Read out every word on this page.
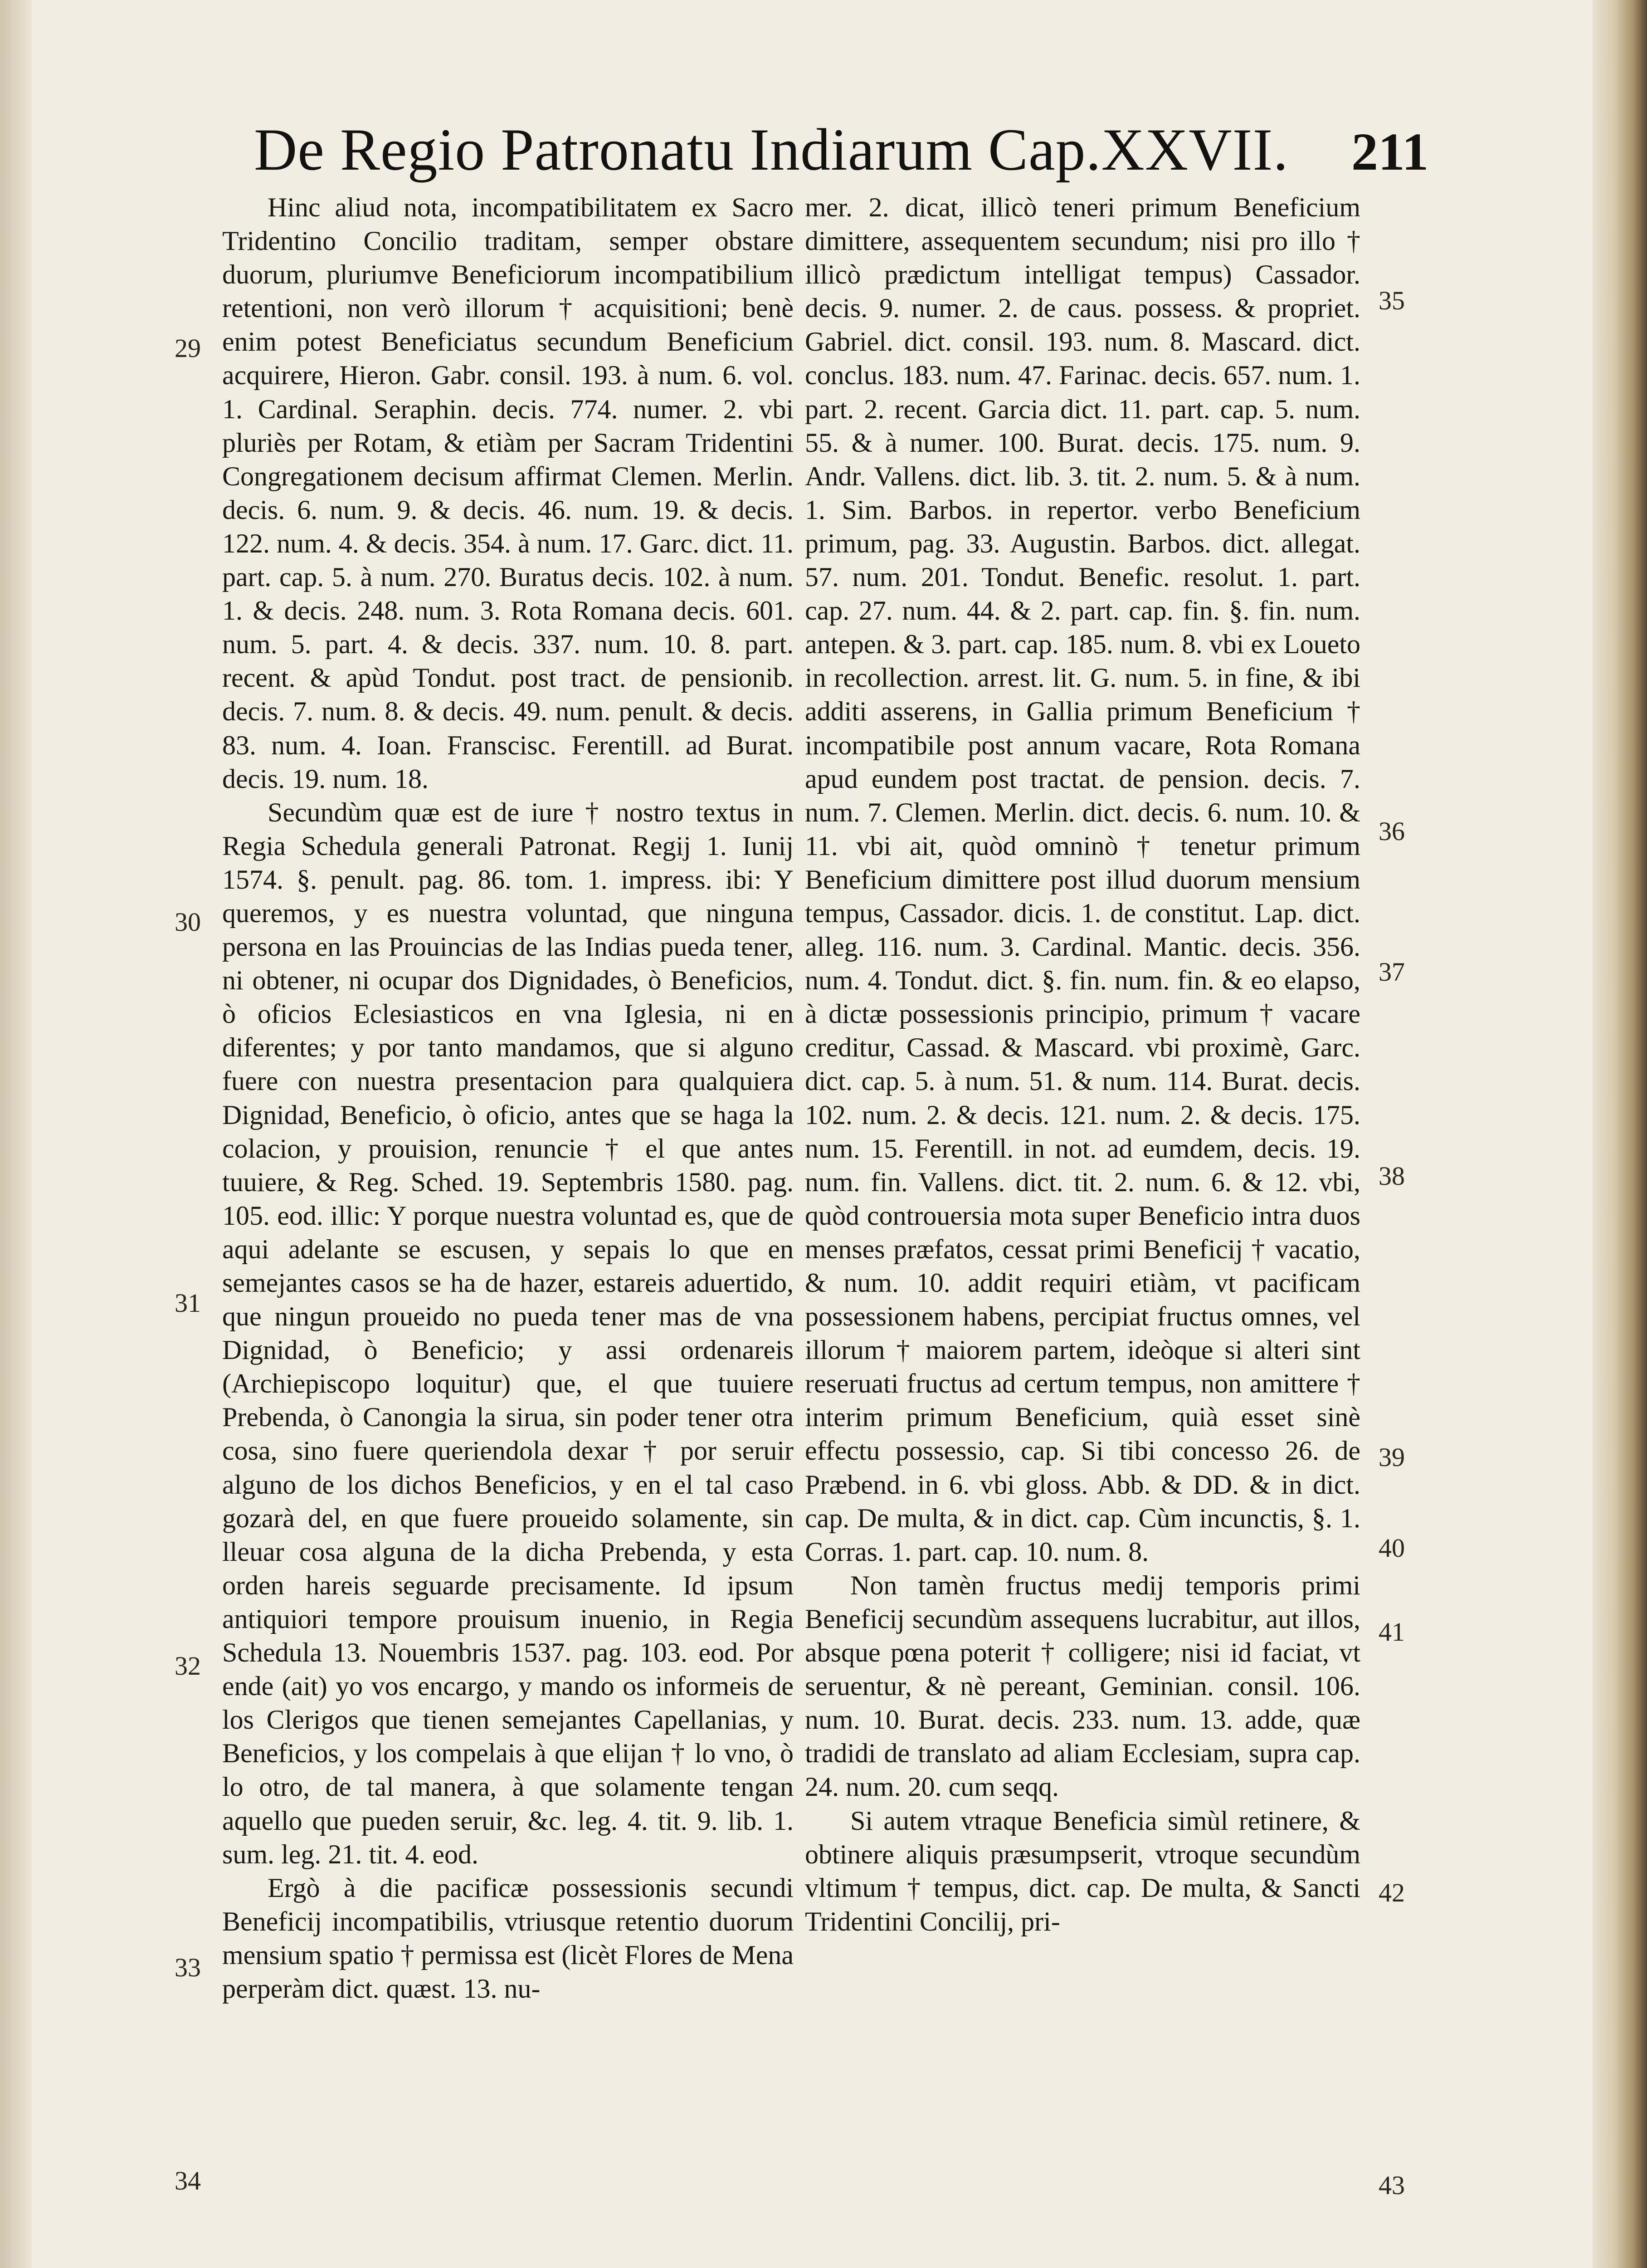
De Regio Patronatu Indiarum Cap.XXVII. 211

Hinc aliud nota, incompatibilitatem ex Sacro Tridentino Concilio traditam, semper obstare duorum, pluriumve Beneficiorum incompatibilium retentioni, non verò illorum † acquisitioni; benè enim potest Beneficiatus secundum Beneficium acquirere, Hieron. Gabr. consil. 193. à num. 6. vol. 1. Cardinal. Seraphin. decis. 774. numer. 2. vbi pluriès per Rotam, & etiàm per Sacram Tridentini Congregationem decisum affirmat Clemen. Merlin. decis. 6. num. 9. & decis. 46. num. 19. & decis. 122. num. 4. & decis. 354. à num. 17. Garc. dict. 11. part. cap. 5. à num. 270. Buratus decis. 102. à num. 1. & decis. 248. num. 3. Rota Romana decis. 601. num. 5. part. 4. & decis. 337. num. 10. 8. part. recent. & apùd Tondut. post tract. de pensionib. decis. 7. num. 8. & decis. 49. num. penult. & decis. 83. num. 4. Ioan. Franscisc. Ferentill. ad Burat. decis. 19. num. 18.

Secundùm quæ est de iure † nostro textus in Regia Schedula generali Patronat. Regij 1. Iunij 1574. §. penult. pag. 86. tom. 1. impress. ibi: Y queremos, y es nuestra voluntad, que ninguna persona en las Prouincias de las Indias pueda tener, ni obtener, ni ocupar dos Dignidades, ò Beneficios, ò oficios Eclesiasticos en vna Iglesia, ni en diferentes; y por tanto mandamos, que si alguno fuere con nuestra presentacion para qualquiera Dignidad, Beneficio, ò oficio, antes que se haga la colacion, y prouision, renuncie † el que antes tuuiere, & Reg. Sched. 19. Septembris 1580. pag. 105. eod. illic: Y porque nuestra voluntad es, que de aqui adelante se escusen, y sepais lo que en semejantes casos se ha de hazer, estareis aduertido, que ningun proueido no pueda tener mas de vna Dignidad, ò Beneficio; y assi ordenareis (Archiepiscopo loquitur) que, el que tuuiere Prebenda, ò Canongia la sirua, sin poder tener otra cosa, sino fuere queriendola dexar † por seruir alguno de los dichos Beneficios, y en el tal caso gozarà del, en que fuere proueido solamente, sin lleuar cosa alguna de la dicha Prebenda, y esta orden hareis seguarde precisamente. Id ipsum antiquiori tempore prouisum inuenio, in Regia Schedula 13. Nouembris 1537. pag. 103. eod. Por ende (ait) yo vos encargo, y mando os informeis de los Clerigos que tienen semejantes Capellanias, y Beneficios, y los compelais à que elijan † lo vno, ò lo otro, de tal manera, à que solamente tengan aquello que pueden seruir, &c. leg. 4. tit. 9. lib. 1. sum. leg. 21. tit. 4. eod.

Ergò à die pacificæ possessionis secundi Beneficij incompatibilis, vtriusque retentio duorum mensium spatio † permissa est (licèt Flores de Mena perperàm dict. quæst. 13. nu-

mer. 2. dicat, illicò teneri primum Beneficium dimittere, assequentem secundum; nisi pro illo † illicò prædictum intelligat tempus) Cassador. decis. 9. numer. 2. de caus. possess. & propriet. Gabriel. dict. consil. 193. num. 8. Mascard. dict. conclus. 183. num. 47. Farinac. decis. 657. num. 1. part. 2. recent. Garcia dict. 11. part. cap. 5. num. 55. & à numer. 100. Burat. decis. 175. num. 9. Andr. Vallens. dict. lib. 3. tit. 2. num. 5. & à num. 1. Sim. Barbos. in repertor. verbo Beneficium primum, pag. 33. Augustin. Barbos. dict. allegat. 57. num. 201. Tondut. Benefic. resolut. 1. part. cap. 27. num. 44. & 2. part. cap. fin. §. fin. num. antepen. & 3. part. cap. 185. num. 8. vbi ex Loueto in recollection. arrest. lit. G. num. 5. in fine, & ibi additi asserens, in Gallia primum Beneficium † incompatibile post annum vacare, Rota Romana apud eundem post tractat. de pension. decis. 7. num. 7. Clemen. Merlin. dict. decis. 6. num. 10. & 11. vbi ait, quòd omninò † tenetur primum Beneficium dimittere post illud duorum mensium tempus, Cassador. dicis. 1. de constitut. Lap. dict. alleg. 116. num. 3. Cardinal. Mantic. decis. 356. num. 4. Tondut. dict. §. fin. num. fin. & eo elapso, à dictæ possessionis principio, primum † vacare creditur, Cassad. & Mascard. vbi proximè, Garc. dict. cap. 5. à num. 51. & num. 114. Burat. decis. 102. num. 2. & decis. 121. num. 2. & decis. 175. num. 15. Ferentill. in not. ad eumdem, decis. 19. num. fin. Vallens. dict. tit. 2. num. 6. & 12. vbi, quòd controuersia mota super Beneficio intra duos menses præfatos, cessat primi Beneficij † vacatio, & num. 10. addit requiri etiàm, vt pacificam possessionem habens, percipiat fructus omnes, vel illorum † maiorem partem, ideòque si alteri sint reseruati fructus ad certum tempus, non amittere † interim primum Beneficium, quià esset sinè effectu possessio, cap. Si tibi concesso 26. de Præbend. in 6. vbi gloss. Abb. & DD. & in dict. cap. De multa, & in dict. cap. Cùm incunctis, §. 1. Corras. 1. part. cap. 10. num. 8.

Non tamèn fructus medij temporis primi Beneficij secundùm assequens lucrabitur, aut illos, absque pœna poterit † colligere; nisi id faciat, vt seruentur, & nè pereant, Geminian. consil. 106. num. 10. Burat. decis. 233. num. 13. adde, quæ tradidi de translato ad aliam Ecclesiam, supra cap. 24. num. 20. cum seqq.

Si autem vtraque Beneficia simùl retinere, & obtinere aliquis præsumpserit, vtroque secundùm vltimum † tempus, dict. cap. De multa, & Sancti Tridentini Concilij, pri-

29
30
31
32
33
34
35
36
37
38
39
40
41
42
43
